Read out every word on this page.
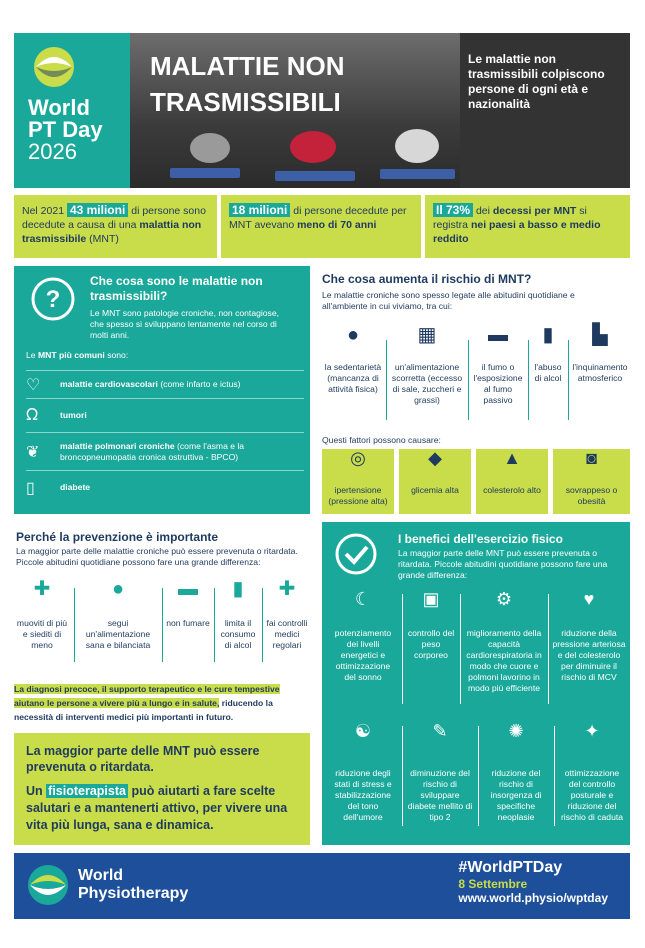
World
PT Day
2026
MALATTIE NON
TRASMISSIBILI
Le malattie non trasmissibili colpiscono persone di ogni età e nazionalità
Nel 2021 43 milioni di persone sono decedute a causa di una malattia non trasmissibile (MNT)
18 milioni di persone decedute per MNT avevano meno di 70 anni
Il 73% dei decessi per MNT si registra nei paesi a basso e medio reddito
?
Che cosa sono le malattie non trasmissibili?
Le MNT sono patologie croniche, non contagiose, che spesso si sviluppano lentamente nel corso di molti anni.
Le MNT più comuni sono:
♡	malattie cardiovascolari (come infarto e ictus)
ᘯ	tumori
❦	malattie polmonari croniche (come l'asma e la broncopneumopatia cronica ostruttiva - BPCO)
▯	diabete
Che cosa aumenta il rischio di MNT?
Le malattie croniche sono spesso legate alle abitudini quotidiane e all'ambiente in cui viviamo, tra cui:
●
la sedentarietà (mancanza di attività fisica)
▦
un'alimentazione scorretta (eccesso di sale, zuccheri e grassi)
▬
il fumo o l'esposizione al fumo passivo
▮
l'abuso di alcol
▙
l'inquinamento atmosferico
Questi fattori possono causare:
◎
ipertensione (pressione alta)
◆
glicemia alta
▲
colesterolo alto
◙
sovrappeso o obesità
Perché la prevenzione è importante
La maggior parte delle malattie croniche può essere prevenuta o ritardata. Piccole abitudini quotidiane possono fare una grande differenza:
✚
muoviti di più e siediti di meno
●
segui un'alimentazione sana e bilanciata
▬
non fumare
▮
limita il consumo di alcol
✚
fai controlli medici regolari
La diagnosi precoce, il supporto terapeutico e le cure tempestive aiutano le persone a vivere più a lungo e in salute, riducendo la necessità di interventi medici più importanti in futuro.
La maggior parte delle MNT può essere prevenuta o ritardata.
Un fisioterapista può aiutarti a fare scelte salutari e a mantenerti attivo, per vivere una vita più lunga, sana e dinamica.
I benefici dell'esercizio fisico
La maggior parte delle MNT può essere prevenuta o ritardata. Piccole abitudini quotidiane possono fare una grande differenza:
☾
potenziamento dei livelli energetici e ottimizzazione del sonno
▣
controllo del peso corporeo
⚙
miglioramento della capacità cardiorespiratoria in modo che cuore e polmoni lavorino in modo più efficiente
♥
riduzione della pressione arteriosa e del colesterolo per diminuire il rischio di MCV
☯
riduzione degli stati di stress e stabilizzazione del tono dell'umore
✎
diminuzione del rischio di sviluppare diabete mellito di tipo 2
✺
riduzione del rischio di insorgenza di specifiche neoplasie
✦
ottimizzazione del controllo posturale e riduzione del rischio di caduta
World
Physiotherapy
#WorldPTDay
8 Settembre
www.world.physio/wptday
